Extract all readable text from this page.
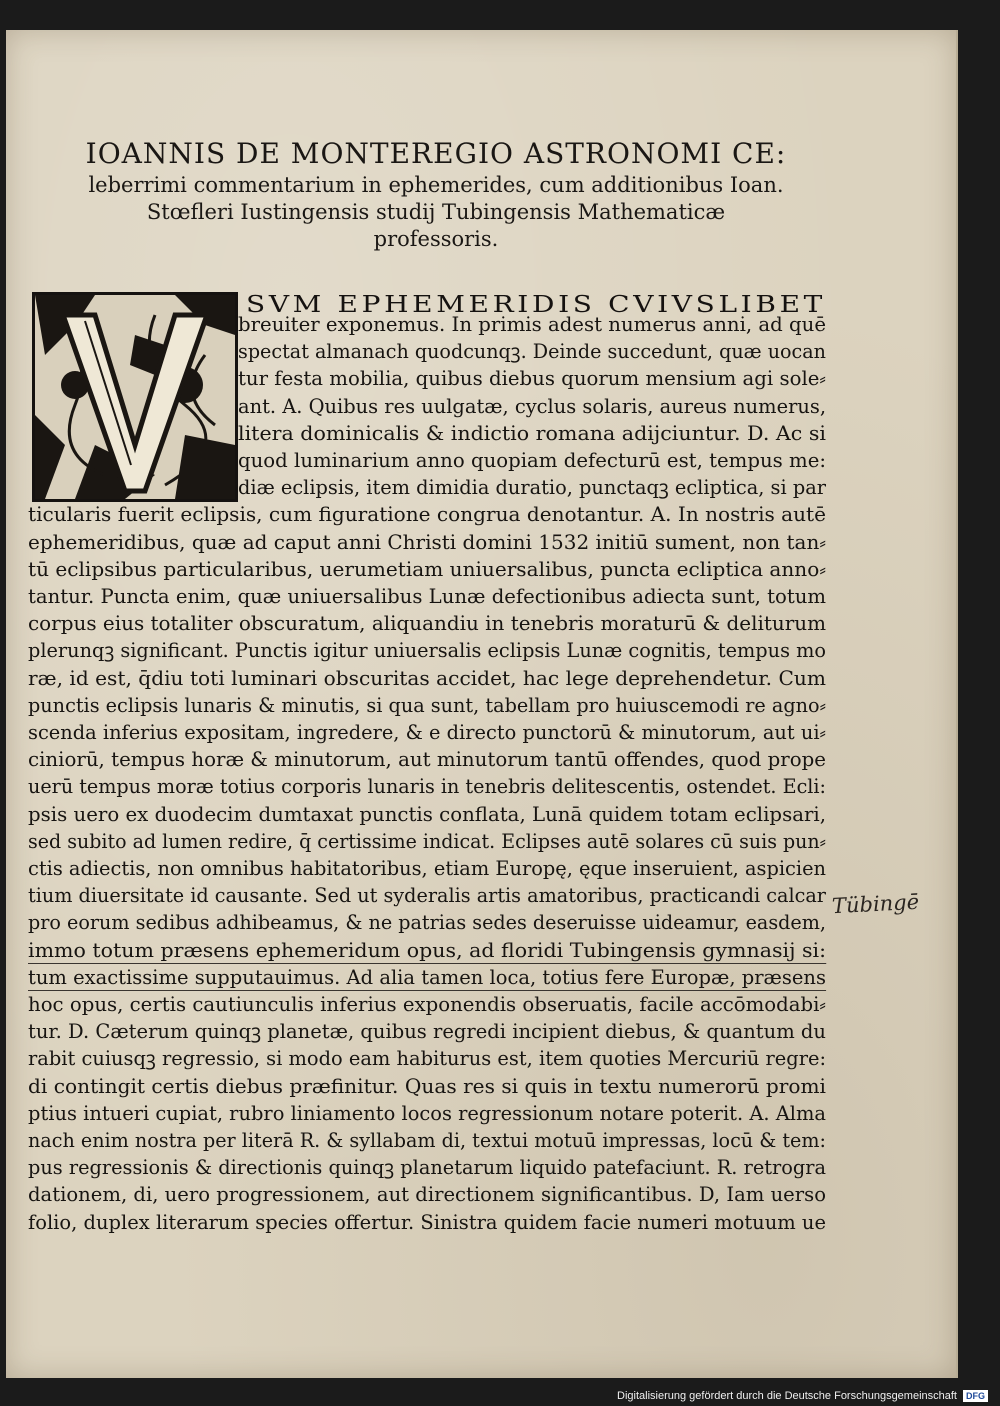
IOANNIS DE MONTEREGIO ASTRONOMI CE:
leberrimi commentarium in ephemerides, cum additionibus Ioan.
Stœfleri Iustingensis studij Tubingensis Mathematicæ
professoris.
SVM EPHEMERIDIS CVIVSLIBET
breuiter exponemus. In primis adest numerus anni, ad quē
spectat almanach quodcunqꝫ. Deinde succedunt, quæ uocan
tur festa mobilia, quibus diebus quorum mensium agi sole⸗
ant. A. Quibus res uulgatæ, cyclus solaris, aureus numerus,
litera dominicalis & indictio romana adijciuntur. D. Ac si
quod luminarium anno quopiam defecturū est, tempus me:
diæ eclipsis, item dimidia duratio, punctaqꝫ ecliptica, si par
ticularis fuerit eclipsis, cum figuratione congrua denotantur. A. In nostris autē
ephemeridibus, quæ ad caput anni Christi domini 1532 initiū sument, non tan⸗
tū eclipsibus particularibus, uerumetiam uniuersalibus, puncta ecliptica anno⸗
tantur. Puncta enim, quæ uniuersalibus Lunæ defectionibus adiecta sunt, totum
corpus eius totaliter obscuratum, aliquandiu in tenebris moraturū & deliturum
plerunqꝫ significant. Punctis igitur uniuersalis eclipsis Lunæ cognitis, tempus mo
ræ, id est, q̄diu toti luminari obscuritas accidet, hac lege deprehendetur. Cum
punctis eclipsis lunaris & minutis, si qua sunt, tabellam pro huiuscemodi re agno⸗
scenda inferius expositam, ingredere, & e directo punctorū & minutorum, aut ui⸗
ciniorū, tempus horæ & minutorum, aut minutorum tantū offendes, quod prope
uerū tempus moræ totius corporis lunaris in tenebris delitescentis, ostendet. Ecli:
psis uero ex duodecim dumtaxat punctis conflata, Lunā quidem totam eclipsari,
sed subito ad lumen redire, q̄ certissime indicat. Eclipses autē solares cū suis pun⸗
ctis adiectis, non omnibus habitatoribus, etiam Europę, ęque inseruient, aspicien
tium diuersitate id causante. Sed ut syderalis artis amatoribus, practicandi calcar
pro eorum sedibus adhibeamus, & ne patrias sedes deseruisse uideamur, easdem,
immo totum præsens ephemeridum opus, ad floridi Tubingensis gymnasij si:
tum exactissime supputauimus. Ad alia tamen loca, totius fere Europæ, præsens
hoc opus, certis cautiunculis inferius exponendis obseruatis, facile accōmodabi⸗
tur. D. Cæterum quinqꝫ planetæ, quibus regredi incipient diebus, & quantum du
rabit cuiusqꝫ regressio, si modo eam habiturus est, item quoties Mercuriū regre:
di contingit certis diebus præfinitur. Quas res si quis in textu numerorū promi
ptius intueri cupiat, rubro liniamento locos regressionum notare poterit. A. Alma
nach enim nostra per literā R. & syllabam di, textui motuū impressas, locū & tem:
pus regressionis & directionis quinqꝫ planetarum liquido patefaciunt. R. retrogra
dationem, di, uero progressionem, aut directionem significantibus. D, Iam uerso
folio, duplex literarum species offertur. Sinistra quidem facie numeri motuum ue
Tübingē
Digitalisierung gefördert durch die Deutsche Forschungsgemeinschaft	DFG
